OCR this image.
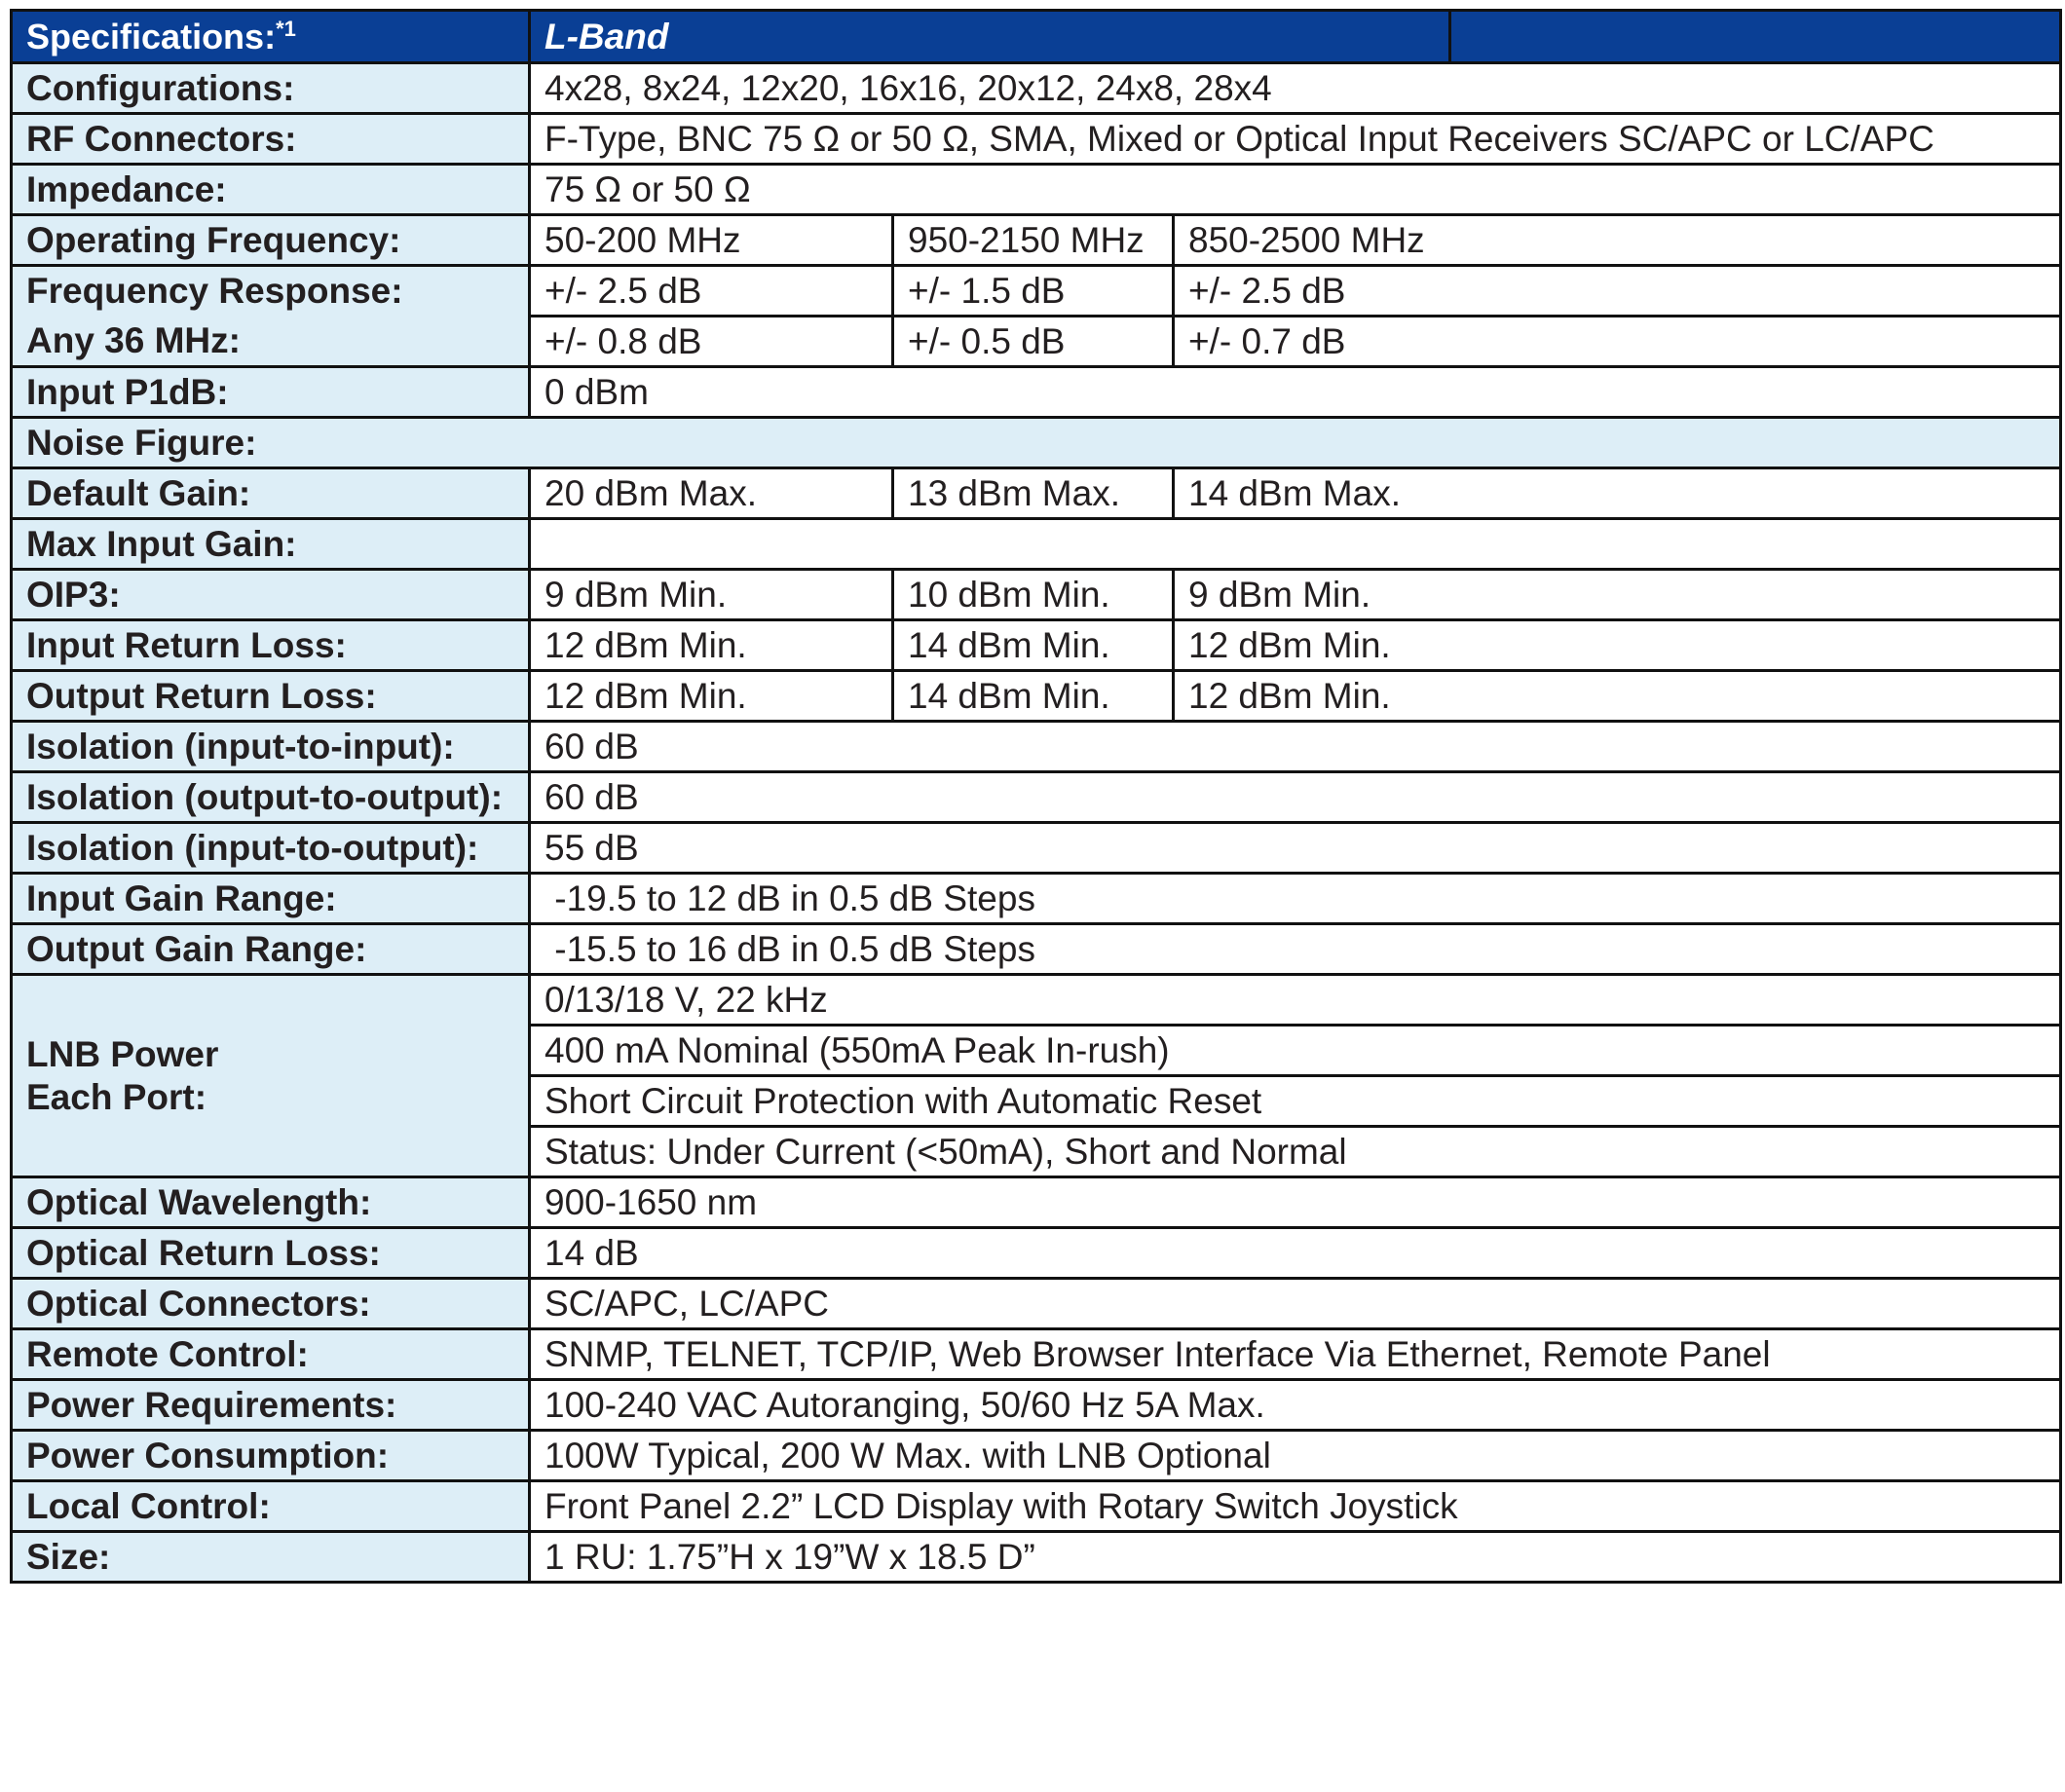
Specifications:$^{*1}$	L-Band			
Configurations:	4x28, 8x24, 12x20, 16x16, 20x12, 24x8, 28x4			
RF Connectors:	F-Type, BNC 75 Ω or 50 Ω, SMA, Mixed or Optical Input Receivers SC/APC or LC/APC			
Impedance:	75 Ω or 50 Ω			
Operating Frequency:	50-200 MHz	950-2150 MHz	850-2500 MHz	
Frequency Response:	+/- 2.5 dB	+/- 1.5 dB	+/- 2.5 dB	
Any 36 MHz:	+/- 0.8 dB	+/- 0.5 dB	+/- 0.7 dB	
Input P1dB:	0 dBm			
Noise Figure:				
Default Gain:	20 dBm Max.	13 dBm Max.	14 dBm Max.	
Max Input Gain:				
OIP3:	9 dBm Min.	10 dBm Min.	9 dBm Min.	
Input Return Loss:	12 dBm Min.	14 dBm Min.	12 dBm Min.	
Output Return Loss:	12 dBm Min.	14 dBm Min.	12 dBm Min.	
Isolation (input-to-input):	60 dB			
Isolation (output-to-output):	60 dB			
Isolation (input-to-output):	55 dB			
Input Gain Range:	-19.5 to 12 dB in 0.5 dB Steps			
Output Gain Range:	-15.5 to 16 dB in 0.5 dB Steps			

LNB Power
Each Port:	0/13/18 V, 22 kHz			
	400 mA Nominal (550mA Peak In-rush)			
	Short Circuit Protection with Automatic Reset			
	Status: Under Current (<50mA), Short and Normal			
Optical Wavelength:	900-1650 nm			
Optical Return Loss:	14 dB			
Optical Connectors:	SC/APC, LC/APC			
Remote Control:	SNMP, TELNET, TCP/IP, Web Browser Interface Via Ethernet, Remote Panel			
Power Requirements:	100-240 VAC Autoranging, 50/60 Hz 5A Max.			
Power Consumption:	100W Typical, 200 W Max. with LNB Optional			
Local Control:	Front Panel 2.2” LCD Display with Rotary Switch Joystick			
Size:	1 RU: 1.75”H x 19”W x 18.5 D”			
